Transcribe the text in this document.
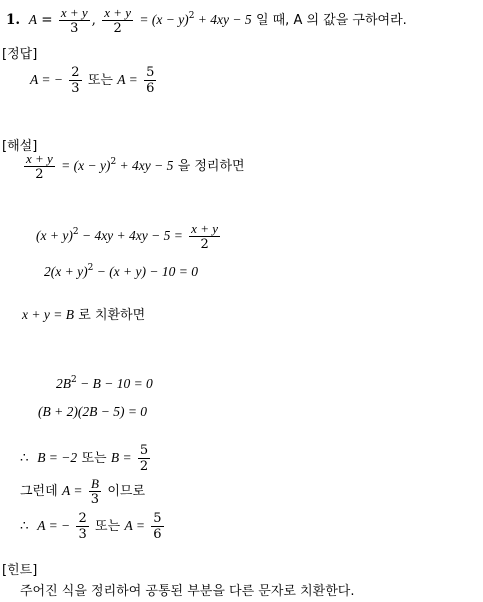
1. $A = \frac{x + y}{3}$ , $\frac{x + y}{2} = (x - y)^2 + 4xy - 5$ 일 때, A 의 값을 구하여라.
[정답]
A = − $\frac{2}{3}$ 또는 $A = \frac{5}{6}$
[해설]
$\frac{x + y}{2} = (x - y)^2 + 4xy - 5$ 을 정리하면
$(x + y)^2 - 4xy + 4xy - 5 = \frac{x + y}{2}$
$2(x + y)^2 - (x + y) - 10 = 0$
x + y = B 로 치환하면
$2B^2 - B - 10 = 0$
(B + 2)(2B − 5) = 0
∴ B = −2 또는 $B = \frac{5}{2}$
그런데 $A = \frac{B}{3}$ 이므로
∴ A = − $\frac{2}{3}$ 또는 $A = \frac{5}{6}$
[힌트]
주어진 식을 정리하여 공통된 부분을 다른 문자로 치환한다.
